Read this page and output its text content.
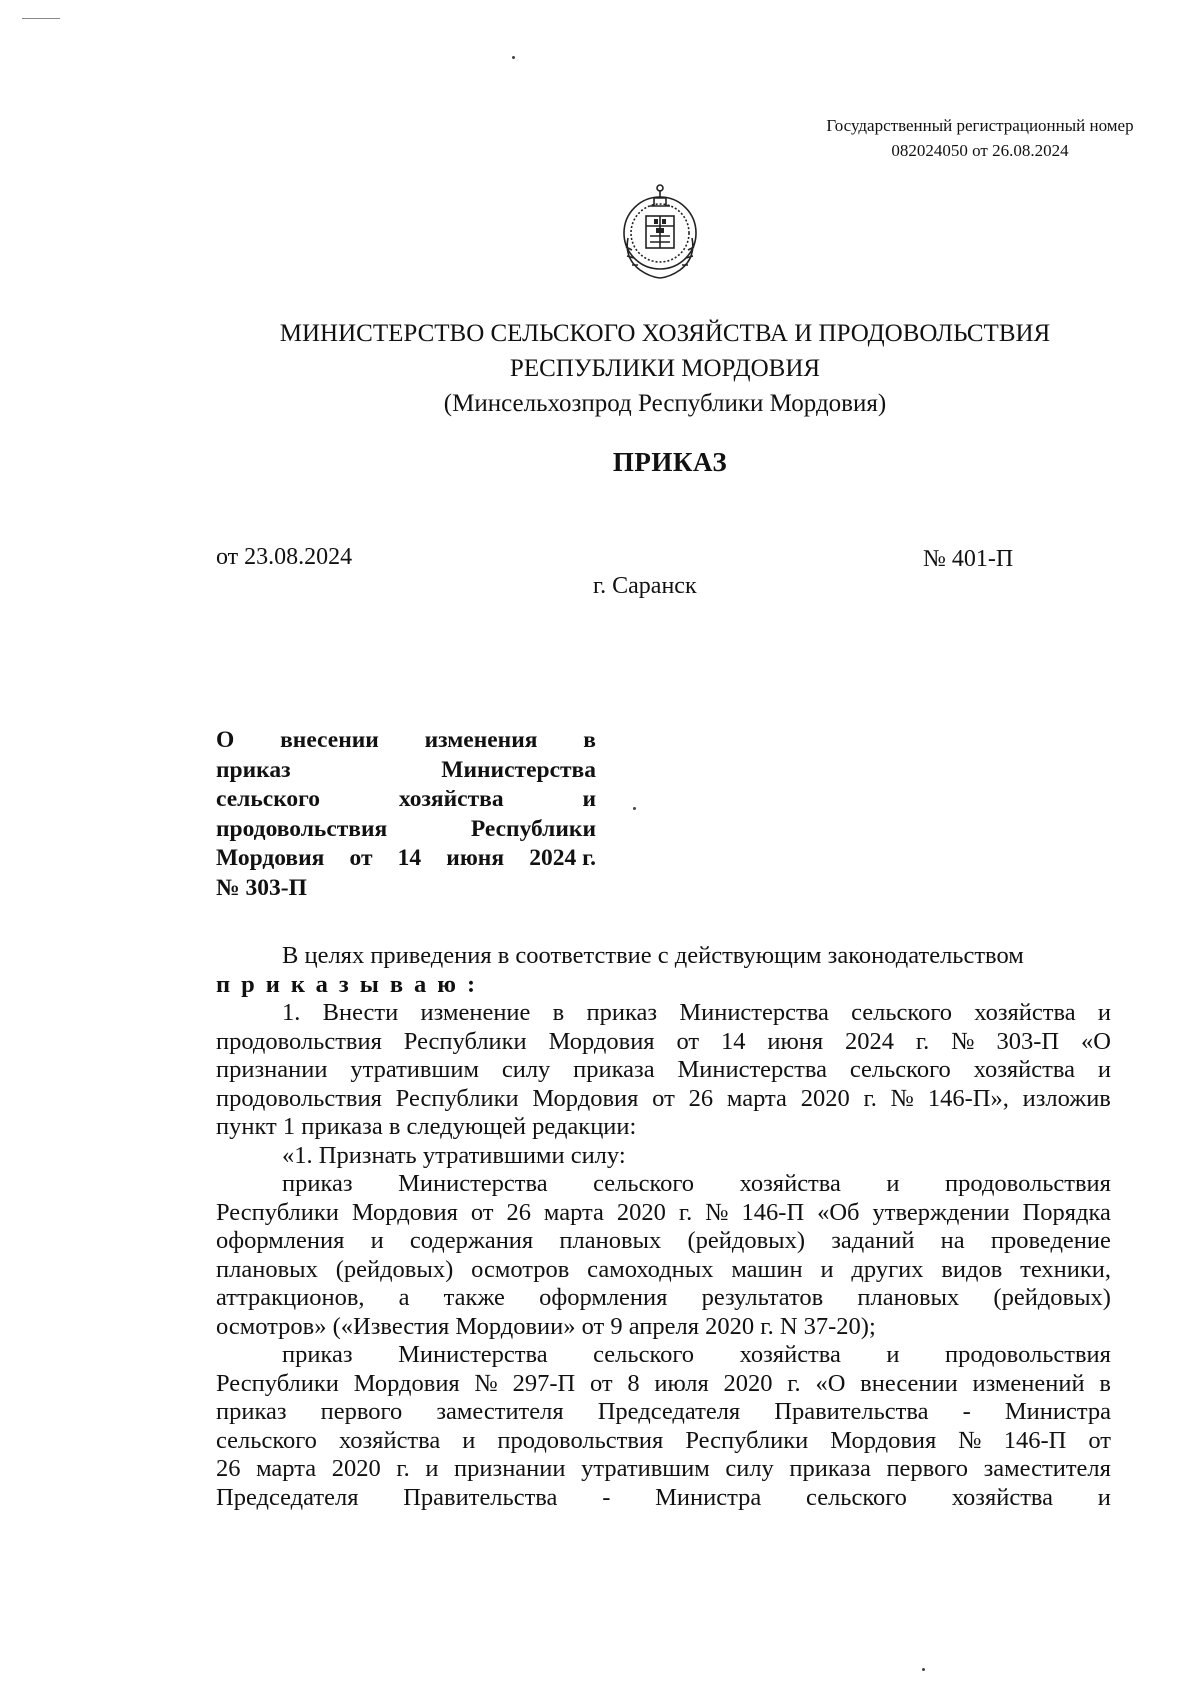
Государственный регистрационный номер
082024050 от 26.08.2024
МИНИСТЕРСТВО СЕЛЬСКОГО ХОЗЯЙСТВА И ПРОДОВОЛЬСТВИЯ
РЕСПУБЛИКИ МОРДОВИЯ
(Минсельхозпрод Республики Мордовия)
ПРИКАЗ
от 23.08.2024	№ 401-П
г. Саранск
О внесении изменения в
приказ	Министерства
сельского	хозяйства	и
продовольствия	Республики
Мордовия от 14 июня 2024 г.
№ 303-П
В целях приведения в соответствие с действующим законодательством
приказываю:
1. Внести изменение в приказ Министерства сельского хозяйства и
продовольствия Республики Мордовия от 14 июня 2024 г. № 303-П «О
признании утратившим силу приказа Министерства сельского хозяйства и
продовольствия Республики Мордовия от 26 марта 2020 г. № 146-П», изложив
пункт 1 приказа в следующей редакции:
«1. Признать утратившими силу:
приказ Министерства сельского хозяйства и продовольствия
Республики Мордовия от 26 марта 2020 г. № 146-П «Об утверждении Порядка
оформления и содержания плановых (рейдовых) заданий на проведение
плановых (рейдовых) осмотров самоходных машин и других видов техники,
аттракционов, а также оформления результатов плановых (рейдовых)
осмотров» («Известия Мордовии» от 9 апреля 2020 г. N 37-20);
приказ Министерства сельского хозяйства и продовольствия
Республики Мордовия № 297-П от 8 июля 2020 г. «О внесении изменений в
приказ первого заместителя Председателя Правительства - Министра
сельского хозяйства и продовольствия Республики Мордовия № 146-П от
26 марта 2020 г. и признании утратившим силу приказа первого заместителя
Председателя Правительства - Министра сельского хозяйства и
